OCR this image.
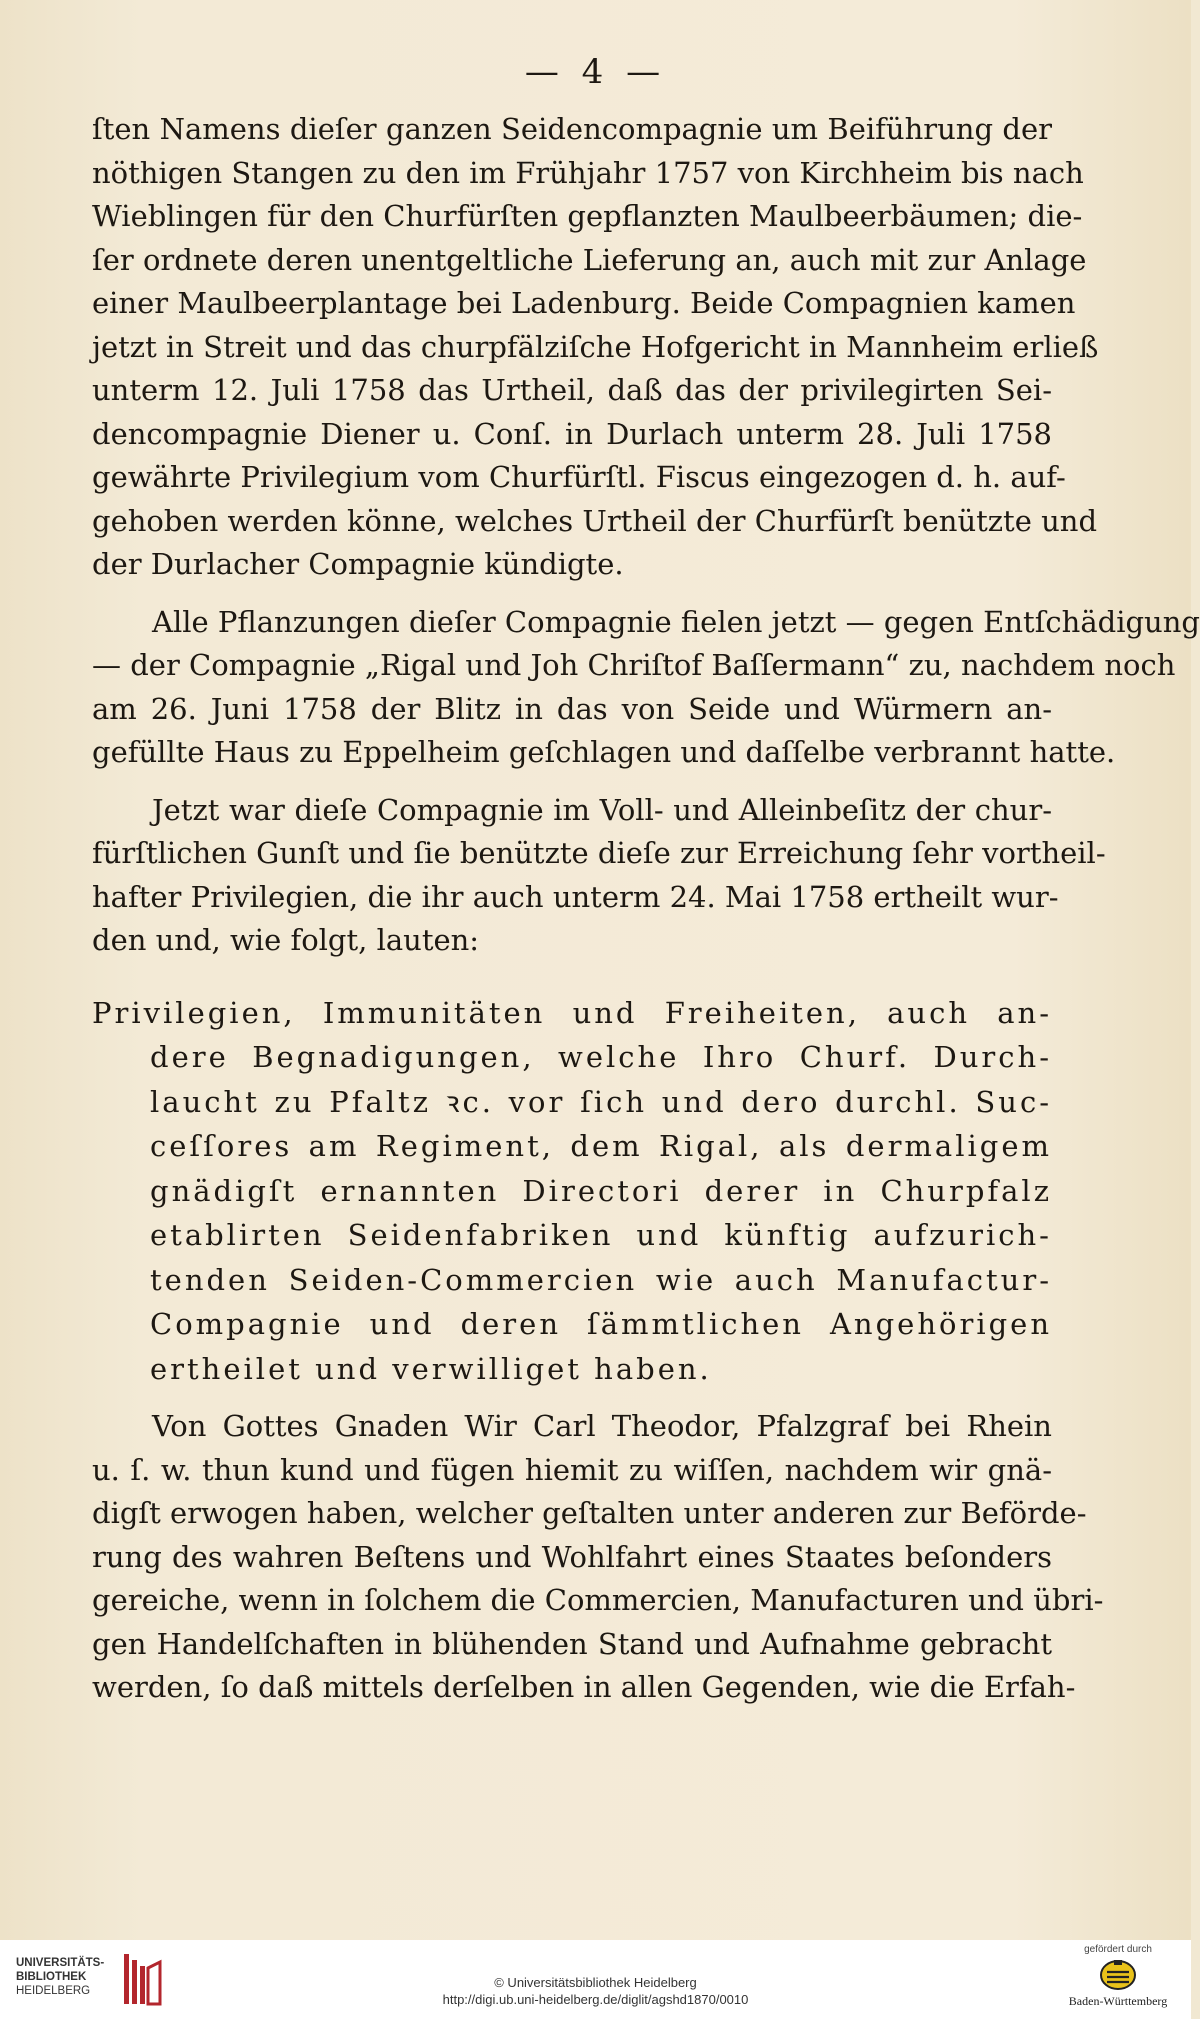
— 4 —
ſten Namens dieſer ganzen Seidencompagnie um Beiführung der
nöthigen Stangen zu den im Frühjahr 1757 von Kirchheim bis nach
Wieblingen für den Churfürſten gepflanzten Maulbeerbäumen; die-
ſer ordnete deren unentgeltliche Lieferung an, auch mit zur Anlage
einer Maulbeerplantage bei Ladenburg. Beide Compagnien kamen
jetzt in Streit und das churpfälziſche Hofgericht in Mannheim erließ
unterm 12. Juli 1758 das Urtheil, daß das der privilegirten Sei-
dencompagnie Diener u. Conſ. in Durlach unterm 28. Juli 1758
gewährte Privilegium vom Churfürſtl. Fiscus eingezogen d. h. auf-
gehoben werden könne, welches Urtheil der Churfürſt benützte und
der Durlacher Compagnie kündigte.
Alle Pflanzungen dieſer Compagnie fielen jetzt — gegen Entſchädigung
— der Compagnie „Rigal und Joh Chriſtof Baſſermann“ zu, nachdem noch
am 26. Juni 1758 der Blitz in das von Seide und Würmern an-
gefüllte Haus zu Eppelheim geſchlagen und daſſelbe verbrannt hatte.
Jetzt war dieſe Compagnie im Voll- und Alleinbeſitz der chur-
fürſtlichen Gunſt und ſie benützte dieſe zur Erreichung ſehr vortheil-
hafter Privilegien, die ihr auch unterm 24. Mai 1758 ertheilt wur-
den und, wie folgt, lauten:
Privilegien, Immunitäten und Freiheiten, auch an-
dere Begnadigungen, welche Ihro Churf. Durch-
laucht zu Pfaltz ꝛc. vor ſich und dero durchl. Suc-
ceſſores am Regiment, dem Rigal, als dermaligem
gnädigſt ernannten Directori derer in Churpfalz
etablirten Seidenfabriken und künftig aufzurich-
tenden Seiden-Commercien wie auch Manufactur-
Compagnie und deren ſämmtlichen Angehörigen
ertheilet und verwilliget haben.
Von Gottes Gnaden Wir Carl Theodor, Pfalzgraf bei Rhein
u. ſ. w. thun kund und fügen hiemit zu wiſſen, nachdem wir gnä-
digſt erwogen haben, welcher geſtalten unter anderen zur Beförde-
rung des wahren Beſtens und Wohlfahrt eines Staates beſonders
gereiche, wenn in ſolchem die Commercien, Manufacturen und übri-
gen Handelſchaften in blühenden Stand und Aufnahme gebracht
werden, ſo daß mittels derſelben in allen Gegenden, wie die Erfah-
UNIVERSITÄTS-
BIBLIOTHEK
HEIDELBERG
© Universitätsbibliothek Heidelberg
http://digi.ub.uni-heidelberg.de/diglit/agshd1870/0010
gefördert durch
Baden-Württemberg
